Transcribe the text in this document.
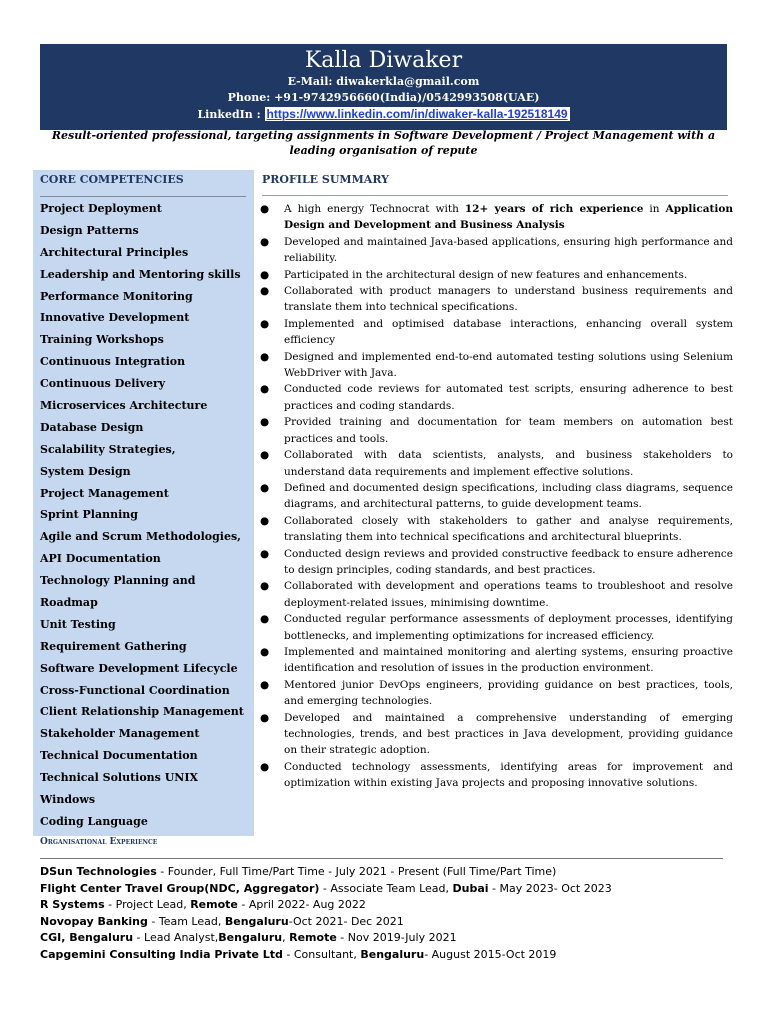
Kalla Diwaker
E-Mail: diwakerkla@gmail.com
Phone: +91-9742956660(India)/0542993508(UAE)
LinkedIn : https://www.linkedin.com/in/diwaker-kalla-192518149
Result-oriented professional, targeting assignments in Software Development / Project Management with a leading organisation of repute
CORE COMPETENCIES
Project Deployment
Design Patterns
Architectural Principles
Leadership and Mentoring skills
Performance Monitoring
Innovative Development
Training Workshops
Continuous Integration
Continuous Delivery
Microservices Architecture
Database Design
Scalability Strategies,
System Design
Project Management
Sprint Planning
Agile and Scrum Methodologies,
API Documentation
Technology Planning and
Roadmap
Unit Testing
Requirement Gathering
Software Development Lifecycle
Cross-Functional Coordination
Client Relationship Management
Stakeholder Management
Technical Documentation
Technical Solutions UNIX
Windows
Coding Language
PROFILE SUMMARY
● A high energy Technocrat with 12+ years of rich experience in Application Design and Development and Business Analysis
● Developed and maintained Java-based applications, ensuring high performance and reliability.
● Participated in the architectural design of new features and enhancements.
● Collaborated with product managers to understand business requirements and translate them into technical specifications.
● Implemented and optimised database interactions, enhancing overall system efficiency
● Designed and implemented end-to-end automated testing solutions using Selenium WebDriver with Java.
● Conducted code reviews for automated test scripts, ensuring adherence to best practices and coding standards.
● Provided training and documentation for team members on automation best practices and tools.
● Collaborated with data scientists, analysts, and business stakeholders to understand data requirements and implement effective solutions.
● Defined and documented design specifications, including class diagrams, sequence diagrams, and architectural patterns, to guide development teams.
● Collaborated closely with stakeholders to gather and analyse requirements, translating them into technical specifications and architectural blueprints.
● Conducted design reviews and provided constructive feedback to ensure adherence to design principles, coding standards, and best practices.
● Collaborated with development and operations teams to troubleshoot and resolve deployment-related issues, minimising downtime.
● Conducted regular performance assessments of deployment processes, identifying bottlenecks, and implementing optimizations for increased efficiency.
● Implemented and maintained monitoring and alerting systems, ensuring proactive identification and resolution of issues in the production environment.
● Mentored junior DevOps engineers, providing guidance on best practices, tools, and emerging technologies.
● Developed and maintained a comprehensive understanding of emerging technologies, trends, and best practices in Java development, providing guidance on their strategic adoption.
● Conducted technology assessments, identifying areas for improvement and optimization within existing Java projects and proposing innovative solutions.
Organisational Experience
DSun Technologies - Founder, Full Time/Part Time - July 2021 - Present (Full Time/Part Time)
Flight Center Travel Group(NDC, Aggregator) - Associate Team Lead, Dubai - May 2023- Oct 2023
R Systems - Project Lead, Remote - April 2022- Aug 2022
Novopay Banking - Team Lead, Bengaluru-Oct 2021- Dec 2021
CGI, Bengaluru - Lead Analyst,Bengaluru, Remote - Nov 2019-July 2021
Capgemini Consulting India Private Ltd - Consultant, Bengaluru- August 2015-Oct 2019
